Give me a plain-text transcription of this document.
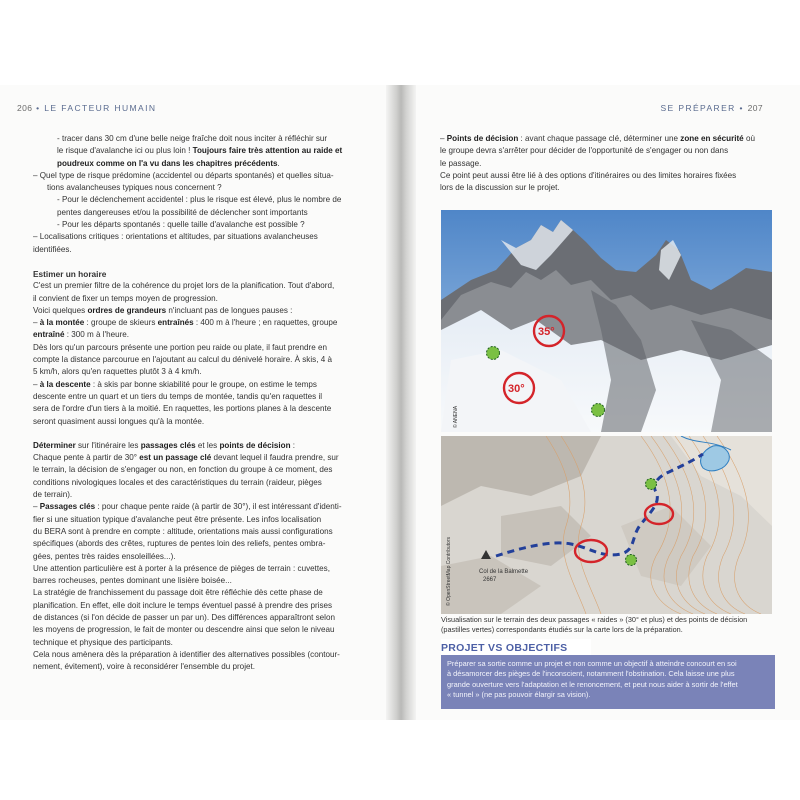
206 • LE FACTEUR HUMAIN	SE PRÉPARER • 207

- tracer dans 30 cm d'une belle neige fraîche doit nous inciter à réfléchir sur

le risque d'avalanche ici ou plus loin ! Toujours faire très attention au raide et

poudreux comme on l'a vu dans les chapitres précédents.

– Quel type de risque prédomine (accidentel ou départs spontanés) et quelles situa-

tions avalancheuses typiques nous concernent ?

- Pour le déclenchement accidentel : plus le risque est élevé, plus le nombre de

pentes dangereuses et/ou la possibilité de déclencher sont importants

- Pour les départs spontanés : quelle taille d'avalanche est possible ?

– Localisations critiques : orientations et altitudes, par situations avalancheuses

identifiées.

Estimer un horaire

C'est un premier filtre de la cohérence du projet lors de la planification. Tout d'abord,

il convient de fixer un temps moyen de progression.

Voici quelques ordres de grandeurs n'incluant pas de longues pauses :

– à la montée : groupe de skieurs entraînés : 400 m à l'heure ; en raquettes, groupe

entraîné : 300 m à l'heure.

Dès lors qu'un parcours présente une portion peu raide ou plate, il faut prendre en

compte la distance parcourue en l'ajoutant au calcul du dénivelé horaire. À skis, 4 à

5 km/h, alors qu'en raquettes plutôt 3 à 4 km/h.

– à la descente : à skis par bonne skiabilité pour le groupe, on estime le temps

descente entre un quart et un tiers du temps de montée, tandis qu'en raquettes il

sera de l'ordre d'un tiers à la moitié. En raquettes, les portions planes à la descente

seront quasiment aussi longues qu'à la montée.

Déterminer sur l'itinéraire les passages clés et les points de décision :

Chaque pente à partir de 30° est un passage clé devant lequel il faudra prendre, sur

le terrain, la décision de s'engager ou non, en fonction du groupe à ce moment, des

conditions nivologiques locales et des caractéristiques du terrain (raideur, pièges

de terrain).

– Passages clés : pour chaque pente raide (à partir de 30°), il est intéressant d'identi-

fier si une situation typique d'avalanche peut être présente. Les infos localisation

du BERA sont à prendre en compte : altitude, orientations mais aussi configurations

spécifiques (abords des crêtes, ruptures de pentes loin des reliefs, pentes ombra-

gées, pentes très raides ensoleillées...).

Une attention particulière est à porter à la présence de pièges de terrain : cuvettes,

barres rocheuses, pentes dominant une lisière boisée...

La stratégie de franchissement du passage doit être réfléchie dès cette phase de

planification. En effet, elle doit inclure le temps éventuel passé à prendre des prises

de distances (si l'on décide de passer un par un). Des différences apparaîtront selon

les moyens de progression, le fait de monter ou descendre ainsi que selon le niveau

technique et physique des participants.

Cela nous amènera dès la préparation à identifier des alternatives possibles (contour-

nement, évitement), voire à reconsidérer l'ensemble du projet.

– Points de décision : avant chaque passage clé, déterminer une zone en sécurité où

le groupe devra s'arrêter pour décider de l'opportunité de s'engager ou non dans

le passage.

Ce point peut aussi être lié à des options d'itinéraires ou des limites horaires fixées

lors de la discussion sur le projet.

35°
30°
© ANENA
Col de la Balmette
2667
© OpenStreetMap Contributors
Visualisation sur le terrain des deux passages « raides » (30° et plus) et des points de décision
(pastilles vertes) correspondants étudiés sur la carte lors de la préparation.
PROJET VS OBJECTIFS
Préparer sa sortie comme un projet et non comme un objectif à atteindre concourt en soi
à désamorcer des pièges de l'inconscient, notamment l'obstination. Cela laisse une plus
grande ouverture vers l'adaptation et le renoncement, et peut nous aider à sortir de l'effet
« tunnel » (ne pas pouvoir élargir sa vision).
